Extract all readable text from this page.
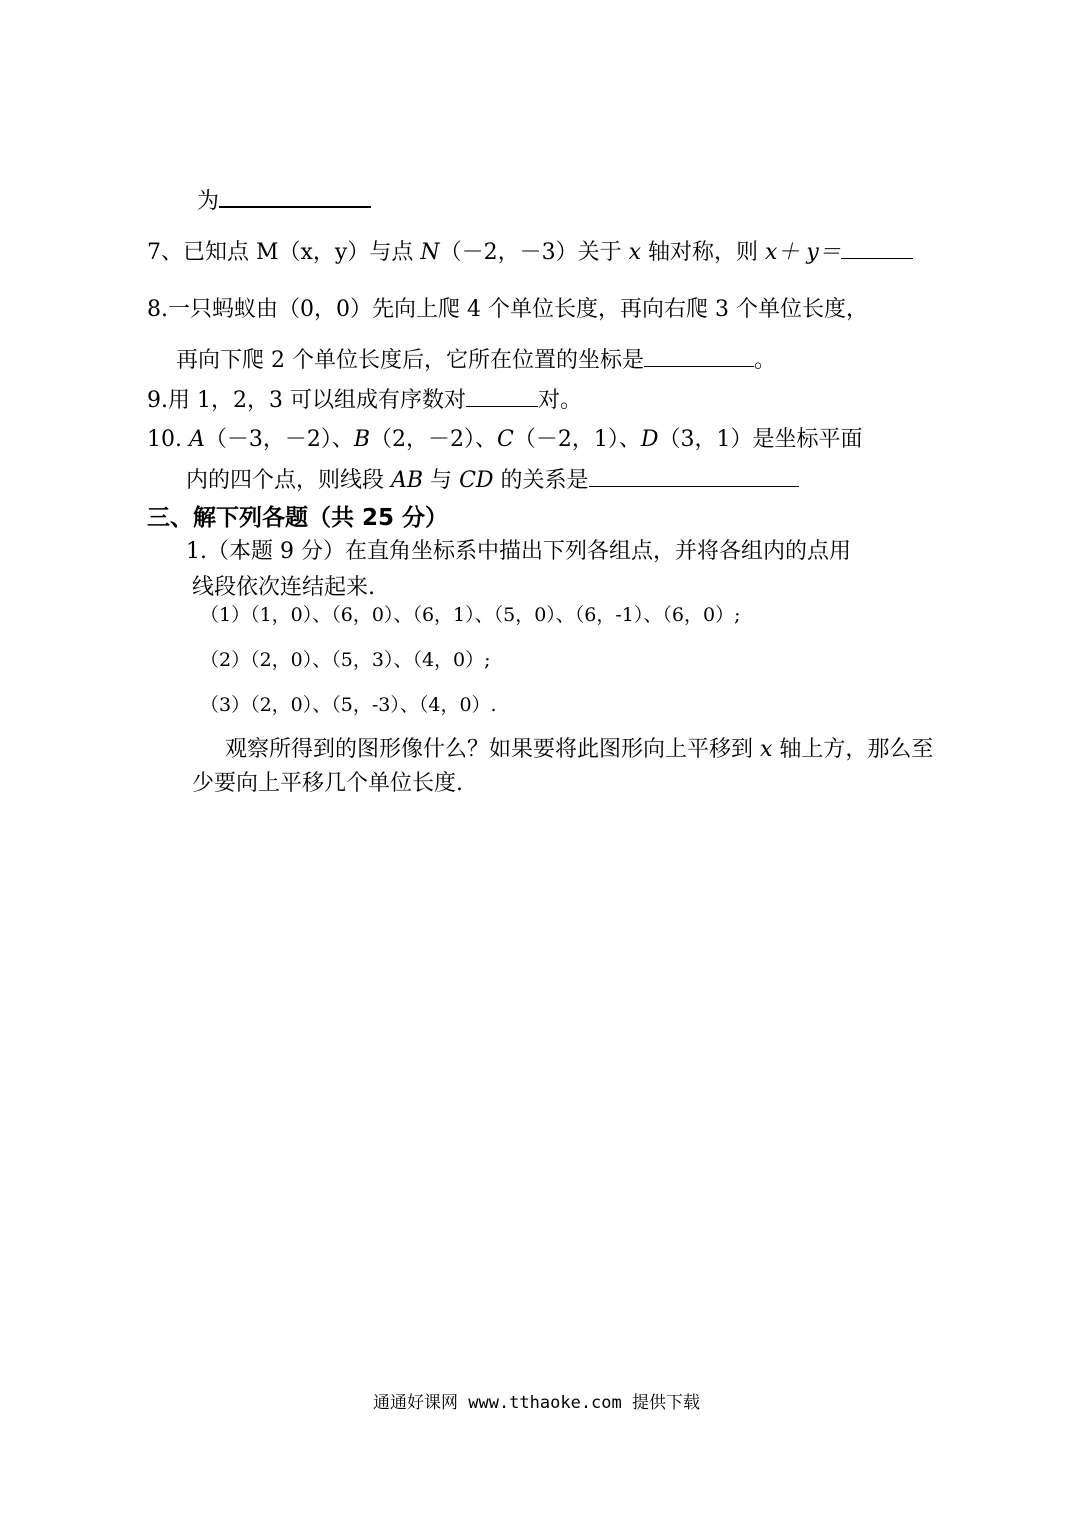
为
7、已知点 M（x，y）与点 N（－2，－3）关于 x 轴对称，则 x＋ y＝
8.一只蚂蚁由（0，0）先向上爬 4 个单位长度，再向右爬 3 个单位长度，
再向下爬 2 个单位长度后，它所在位置的坐标是	。
9.用 1，2，3 可以组成有序数对	对。
10. A（－3，－2）、B（2，－2）、C（－2，1）、D（3，1）是坐标平面
内的四个点，则线段 AB 与 CD 的关系是
三、解下列各题（共 25 分）
1.（本题 9 分）在直角坐标系中描出下列各组点，并将各组内的点用
线段依次连结起来.
（1）（1，0）、（6，0）、（6，1）、（5，0）、（6，-1）、（6，0）;
（2）（2，0）、（5，3）、（4，0）;
（3）（2，0）、（5，-3）、（4，0）.
观察所得到的图形像什么？如果要将此图形向上平移到 x 轴上方，那么至
少要向上平移几个单位长度.
通通好课网 www.tthaoke.com 提供下载
